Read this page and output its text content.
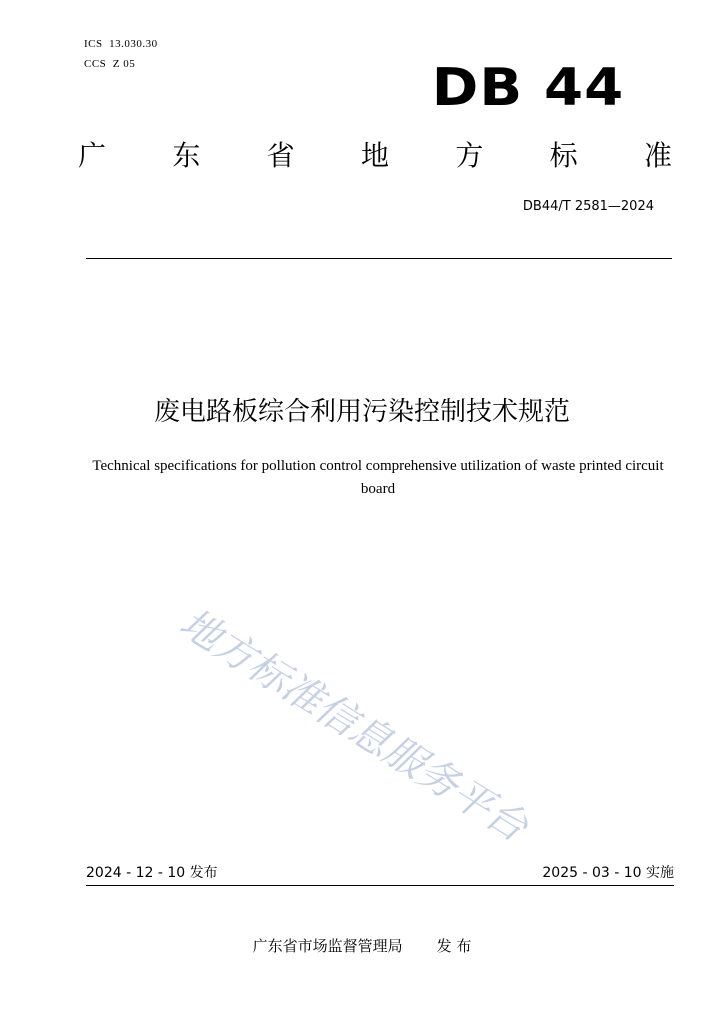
ICS  13.030.30
CCS  Z 05	DB 44
广 东 省 地 方 标 准
DB44/T 2581—2024
废电路板综合利用污染控制技术规范
Technical specifications for pollution control comprehensive utilization of waste printed circuit board
地方标准信息服务平台
2024 - 12 - 10 发布	2025 - 03 - 10 实施
广东省市场监督管理局 发 布
